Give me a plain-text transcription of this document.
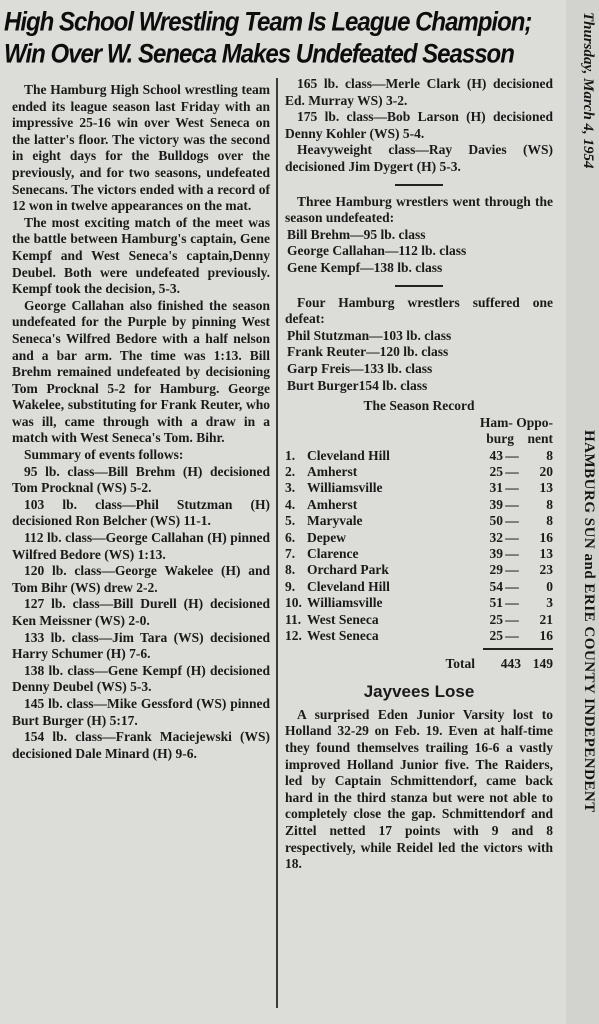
High School Wrestling Team Is League Champion;
Win Over W. Seneca Makes Undefeated Seasson

The Hamburg High School wrestling team ended its league season last Friday with an impressive 25-16 win over West Seneca on the latter's floor. The victory was the second in eight days for the Bulldogs over the previously, and for two seasons, undefeated Senecans. The victors ended with a record of 12 won in twelve appearances on the mat.

The most exciting match of the meet was the battle between Hamburg's captain, Gene Kempf and West Seneca's captain,Denny Deubel. Both were undefeated previously. Kempf took the decision, 5-3.

George Callahan also finished the season undefeated for the Purple by pinning West Seneca's Wilfred Bedore with a half nelson and a bar arm. The time was 1:13. Bill Brehm remained undefeated by decisioning Tom Procknal 5-2 for Hamburg. George Wakelee, substituting for Frank Reuter, who was ill, came through with a draw in a match with West Seneca's Tom. Bihr.

Summary of events follows:

95 lb. class—Bill Brehm (H) decisioned Tom Procknal (WS) 5-2.

103 lb. class—Phil Stutzman (H) decisioned Ron Belcher (WS) 11-1.

112 lb. class—George Callahan (H) pinned Wilfred Bedore (WS) 1:13.

120 lb. class—George Wakelee (H) and Tom Bihr (WS) drew 2-2.

127 lb. class—Bill Durell (H) decisioned Ken Meissner (WS) 2-0.

133 lb. class—Jim Tara (WS) decisioned Harry Schumer (H) 7-6.

138 lb. class—Gene Kempf (H) decisioned Denny Deubel (WS) 5-3.

145 lb. class—Mike Gessford (WS) pinned Burt Burger (H) 5:17.

154 lb. class—Frank Maciejewski (WS) decisioned Dale Minard (H) 9-6.

165 lb. class—Merle Clark (H) decisioned Ed. Murray WS) 3-2.

175 lb. class—Bob Larson (H) decisioned Denny Kohler (WS) 5-4.

Heavyweight class—Ray Davies (WS) decisioned Jim Dygert (H) 5-3.

Three Hamburg wrestlers went through the season undefeated:

Bill Brehm—95 lb. class
George Callahan—112 lb. class
Gene Kempf—138 lb. class

Four Hamburg wrestlers suffered one defeat:

Phil Stutzman—103 lb. class
Frank Reuter—120 lb. class
Garp Freis—133 lb. class
Burt Burger154 lb. class
The Season Record
		Ham- Oppo-		
		burg nent		
1.	Cleveland Hill	43	—	8
2.	Amherst	25	—	20
3.	Williamsville	31	—	13
4.	Amherst	39	—	8
5.	Maryvale	50	—	8
6.	Depew	32	—	16
7.	Clarence	39	—	13
8.	Orchard Park	29	—	23
9.	Cleveland Hill	54	—	0
10.	Williamsville	51	—	3
11.	West Seneca	25	—	21
12.	West Seneca	25	—	16
	Total	443	149
Jayvees Lose

A surprised Eden Junior Varsity lost to Holland 32-29 on Feb. 19. Even at half-time they found themselves trailing 16-6 a vastly improved Holland Junior five. The Raiders, led by Captain Schmittendorf, came back hard in the third stanza but were not able to completely close the gap. Schmittendorf and Zittel netted 17 points with 9 and 8 respectively, while Reidel led the victors with 18.

Thursday, March 4, 1954
HAMBURG SUN and ERIE COUNTY INDEPENDENT
